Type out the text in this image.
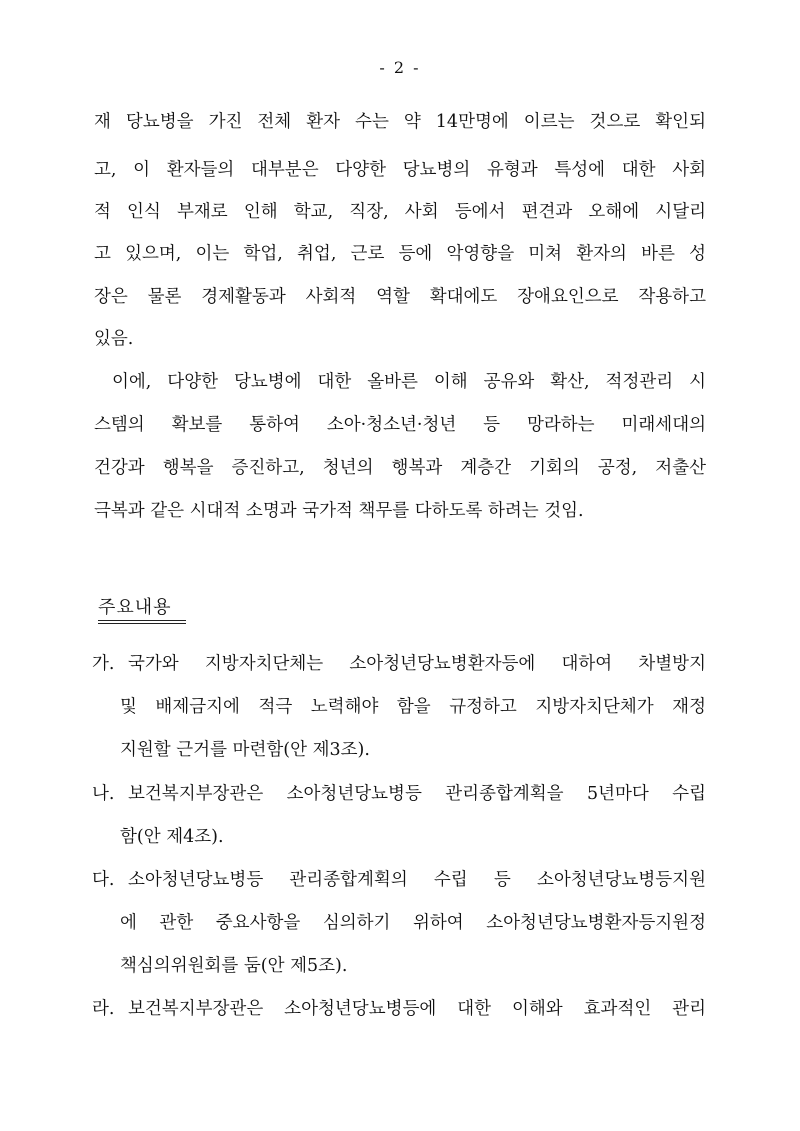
- 2 -
재 당뇨병을 가진 전체 환자 수는 약 14만명에 이르는 것으로 확인되
고, 이 환자들의 대부분은 다양한 당뇨병의 유형과 특성에 대한 사회
적 인식 부재로 인해 학교, 직장, 사회 등에서 편견과 오해에 시달리
고 있으며, 이는 학업, 취업, 근로 등에 악영향을 미쳐 환자의 바른 성
장은 물론 경제활동과 사회적 역할 확대에도 장애요인으로 작용하고
있음.
이에, 다양한 당뇨병에 대한 올바른 이해 공유와 확산, 적정관리 시
스템의 확보를 통하여 소아·청소년·청년 등 망라하는 미래세대의
건강과 행복을 증진하고, 청년의 행복과 계층간 기회의 공정, 저출산
극복과 같은 시대적 소명과 국가적 책무를 다하도록 하려는 것임.
주요내용
가. 국가와 지방자치단체는 소아청년당뇨병환자등에 대하여 차별방지
및 배제금지에 적극 노력해야 함을 규정하고 지방자치단체가 재정
지원할 근거를 마련함(안 제3조).
나. 보건복지부장관은 소아청년당뇨병등 관리종합계획을 5년마다 수립
함(안 제4조).
다. 소아청년당뇨병등 관리종합계획의 수립 등 소아청년당뇨병등지원
에 관한 중요사항을 심의하기 위하여 소아청년당뇨병환자등지원정
책심의위원회를 둠(안 제5조).
라. 보건복지부장관은 소아청년당뇨병등에 대한 이해와 효과적인 관리
